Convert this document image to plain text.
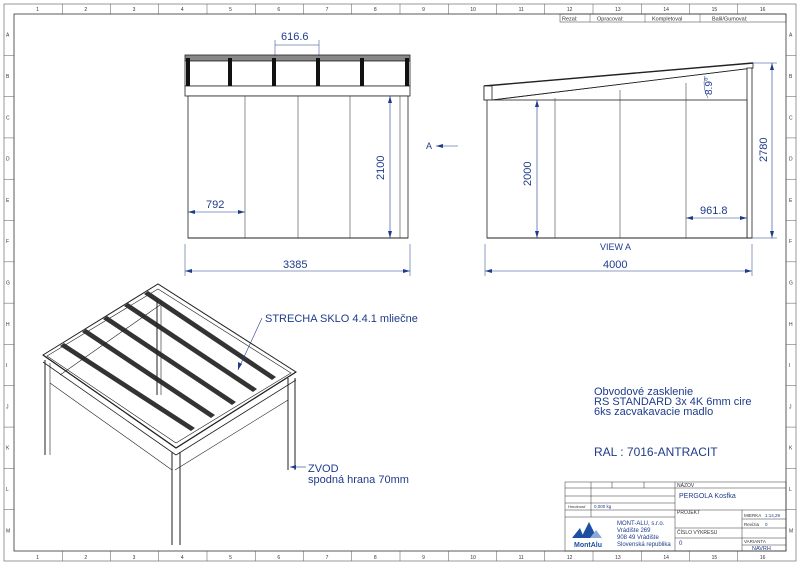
1
1
2
2
3
3
4
4
5
5
6
6
7
7
8
8
9
9
10
10
11
11
12
12
13
13
14
14
15
15
16
16
A	A
B	B
C	C
D	D
E	E
F	F
G	G
H	H
I	I
J	J
K	K
L	L
M	M
Rezal:	Opracoval:	Kompletoval	Balil/Gumoval:
616.6
2100
792
3385
A
8.9°
2000
2780
961.8
VIEW A
4000
STRECHA SKLO 4.4.1 mliečne
ZVOD
spodná hrana 70mm
Obvodové zasklenie
RS STANDARD 3x 4K 6mm cire
6ks zacvakavacie madlo
RAL : 7016-ANTRACIT
MontAlu
MONT-ALU, s.r.o.
Vrádište 269
908 49 Vrádište
Slovenská republika
Hmotnosť 0,000 kg
NÁZOV
PERGOLA Kosfka
PROJEKT
ČÍSLO VÝKRESU
0
MIERKA 1:14,29
Revízia 0
VARIANTA
NAVRH
